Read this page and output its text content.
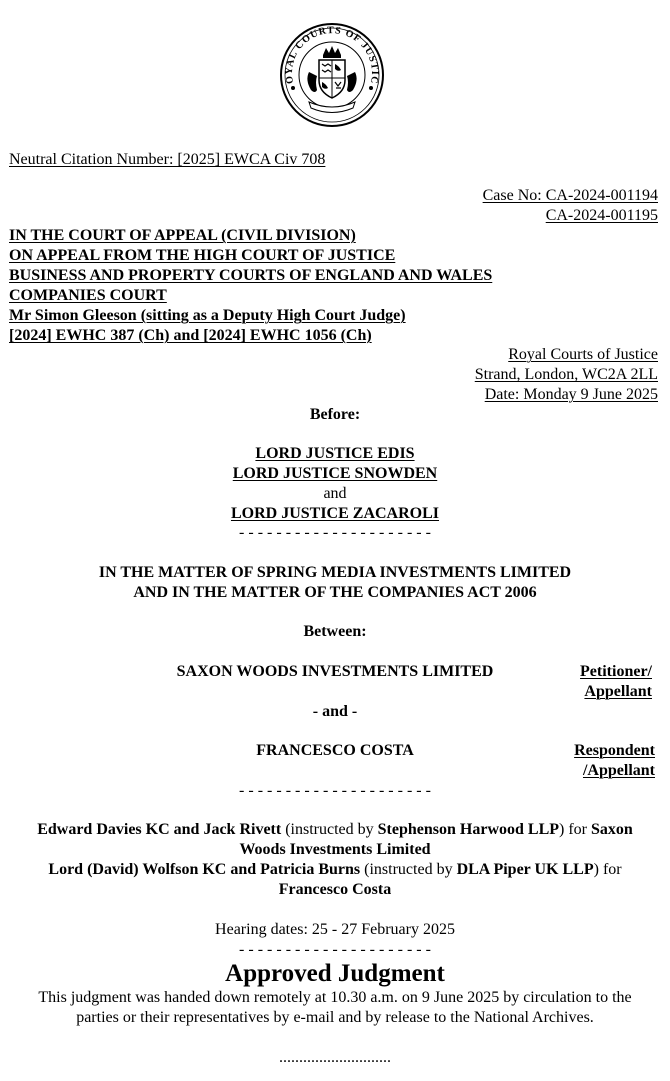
OYAL COURTS OF JUSTIC
Neutral Citation Number: [2025] EWCA Civ 708
Case No: CA-2024-001194
CA-2024-001195
IN THE COURT OF APPEAL (CIVIL DIVISION)
ON APPEAL FROM THE HIGH COURT OF JUSTICE
BUSINESS AND PROPERTY COURTS OF ENGLAND AND WALES
COMPANIES COURT
Mr Simon Gleeson (sitting as a Deputy High Court Judge)
[2024] EWHC 387 (Ch) and [2024] EWHC 1056 (Ch)
Royal Courts of Justice
Strand, London, WC2A 2LL
Date: Monday 9 June 2025
Before:
LORD JUSTICE EDIS
LORD JUSTICE SNOWDEN
and
LORD JUSTICE ZACAROLI
- - - - - - - - - - - - - - - - - - - - -
IN THE MATTER OF SPRING MEDIA INVESTMENTS LIMITED
AND IN THE MATTER OF THE COMPANIES ACT 2006
Between:
SAXON WOODS INVESTMENTS LIMITED	Petitioner/
Appellant
- and -
FRANCESCO COSTA	Respondent
/Appellant
- - - - - - - - - - - - - - - - - - - - -
Edward Davies KC and Jack Rivett (instructed by Stephenson Harwood LLP) for Saxon
Woods Investments Limited
Lord (David) Wolfson KC and Patricia Burns (instructed by DLA Piper UK LLP) for
Francesco Costa
Hearing dates: 25 - 27 February 2025
- - - - - - - - - - - - - - - - - - - - -
Approved Judgment
This judgment was handed down remotely at 10.30 a.m. on 9 June 2025 by circulation to the
parties or their representatives by e-mail and by release to the National Archives.
............................
